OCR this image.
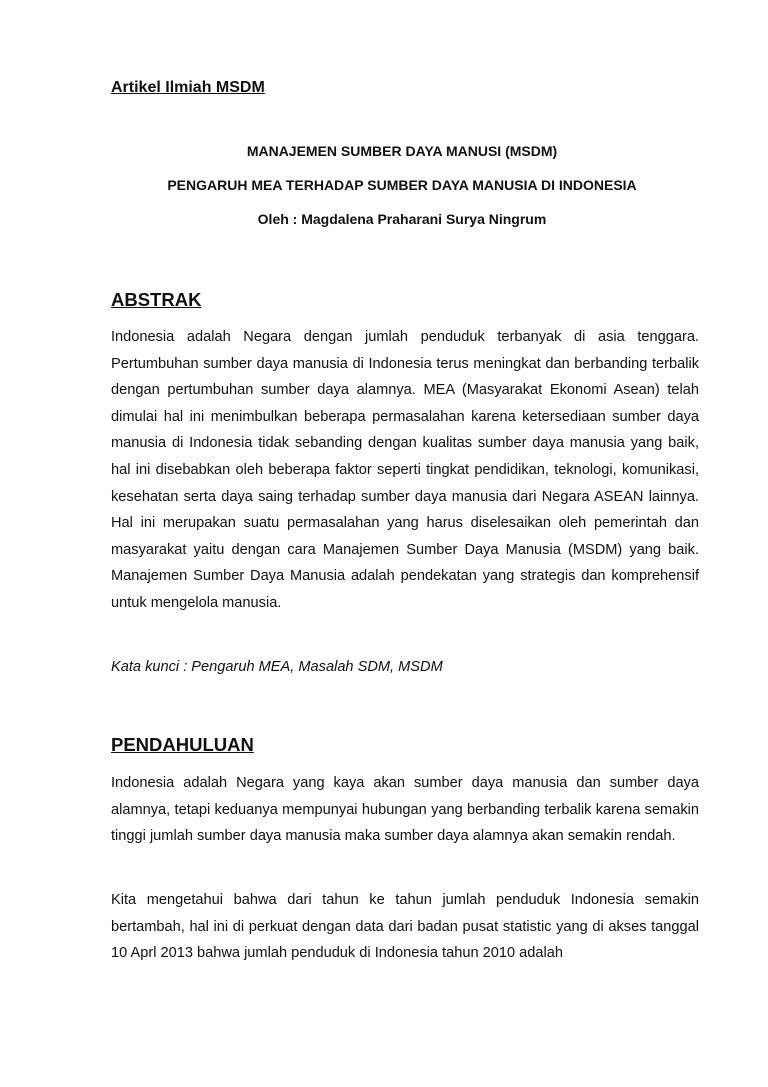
Artikel Ilmiah MSDM

MANAJEMEN SUMBER DAYA MANUSI (MSDM)

PENGARUH MEA TERHADAP SUMBER DAYA MANUSIA DI INDONESIA

Oleh : Magdalena Praharani Surya Ningrum

ABSTRAK

Indonesia adalah Negara dengan jumlah penduduk terbanyak di asia tenggara. Pertumbuhan sumber daya manusia di Indonesia terus meningkat dan berbanding terbalik dengan pertumbuhan sumber daya alamnya. MEA (Masyarakat Ekonomi Asean) telah dimulai hal ini menimbulkan beberapa permasalahan karena ketersediaan sumber daya manusia di Indonesia tidak sebanding dengan kualitas sumber daya manusia yang baik, hal ini disebabkan oleh beberapa faktor seperti tingkat pendidikan, teknologi, komunikasi, kesehatan serta daya saing terhadap sumber daya manusia dari Negara ASEAN lainnya. Hal ini merupakan suatu permasalahan yang harus diselesaikan oleh pemerintah dan masyarakat yaitu dengan cara Manajemen Sumber Daya Manusia (MSDM) yang baik. Manajemen Sumber Daya Manusia adalah pendekatan yang strategis dan komprehensif untuk mengelola manusia.

Kata kunci : Pengaruh MEA, Masalah SDM, MSDM

PENDAHULUAN

Indonesia adalah Negara yang kaya akan sumber daya manusia dan sumber daya alamnya, tetapi keduanya mempunyai hubungan yang berbanding terbalik karena semakin tinggi jumlah sumber daya manusia maka sumber daya alamnya akan semakin rendah.

Kita mengetahui bahwa dari tahun ke tahun jumlah penduduk Indonesia semakin bertambah, hal ini di perkuat dengan data dari badan pusat statistic yang di akses tanggal 10 Aprl 2013 bahwa jumlah penduduk di Indonesia tahun 2010 adalah
